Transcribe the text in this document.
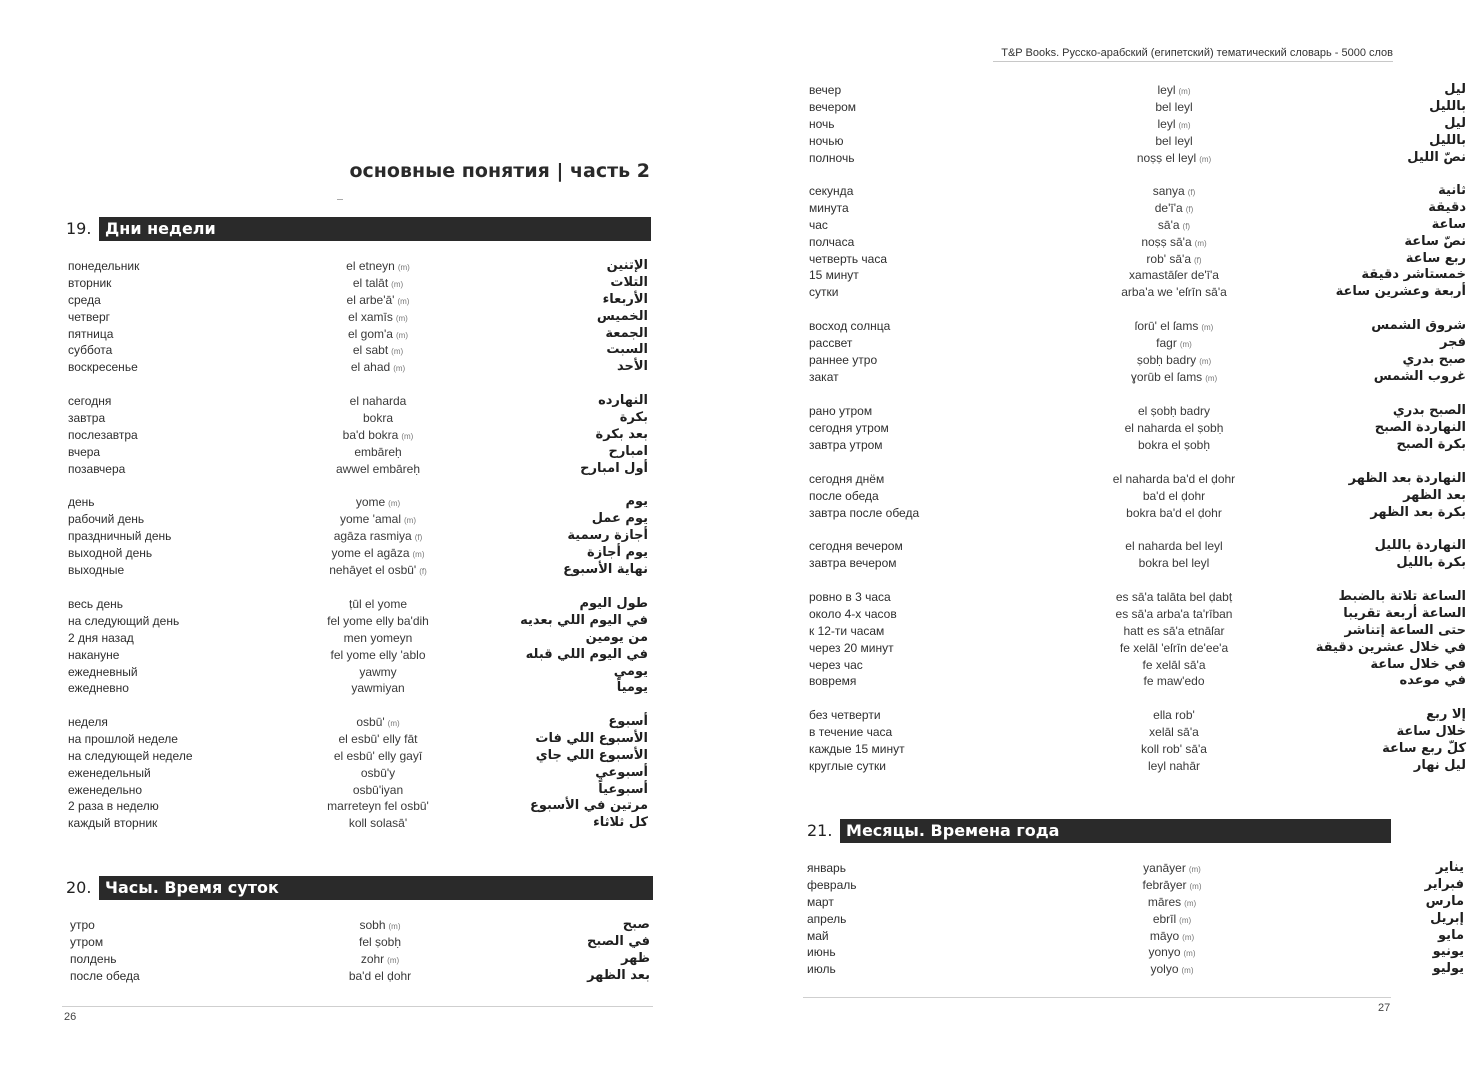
основные понятия | часть 2
19. Дни недели
понедельник	el etneyn (m)	الإتنين
вторник	el talāt (m)	التلات
среда	el arbe'ā' (m)	الأربعاء
четверг	el xamīs (m)	الخميس
пятница	el gom'a (m)	الجمعة
суббота	el sabt (m)	السبت
воскресенье	el ahad (m)	الأحد
сегодня	el naharda	النهارده
завтра	bokra	بكرة
послезавтра	ba'd bokra (m)	بعد بكرة
вчера	embāreḥ	امبارح
позавчера	awwel embāreḥ	أول امبارح
день	yome (m)	يوم
рабочий день	yome 'amal (m)	يوم عمل
праздничный день	agāza rasmiya (f)	أجازة رسمية
выходной день	yome el agāza (m)	يوم أجازة
выходные	nehāyet el osbū' (f)	نهاية الأسبوع
весь день	ṭūl el yome	طول اليوم
на следующий день	fel yome elly ba'dih	في اليوم اللي بعديه
2 дня назад	men yomeyn	من يومين
накануне	fel yome elly 'ablo	في اليوم اللي قبله
ежедневный	yawmy	يومي
ежедневно	yawmiyan	يومياً
неделя	osbū' (m)	أسبوع
на прошлой неделе	el esbū' elly fāt	الأسبوع اللي فات
на следующей неделе	el esbū' elly gayī	الأسبوع اللي جاي
еженедельный	osbū'y	أسبوعي
еженедельно	osbū'iyan	أسبوعياً
2 раза в неделю	marreteyn fel osbū'	مرتين في الأسبوع
каждый вторник	koll solasā'	كل ثلاثاء
20. Часы. Время суток
утро	sobh (m)	صبح
утром	fel ṣobḥ	في الصبح
полдень	zohr (m)	ظهر
после обеда	ba'd el ḍohr	بعد الظهر
26
T&P Books. Русско-арабский (египетский) тематический словарь - 5000 слов
вечер	leyl (m)	ليل
вечером	bel leyl	بالليل
ночь	leyl (m)	ليل
ночью	bel leyl	بالليل
полночь	noṣṣ el leyl (m)	نصّ الليل
секунда	sanya (f)	ثانية
минута	de'ī'a (f)	دقيقة
час	sā'a (f)	ساعة
полчаса	noṣṣ sā'a (m)	نصّ ساعة
четверть часа	rob' sā'a (f)	ربع ساعة
15 минут	xamastāſer de'ī'a	خمستاشر دقيقة
сутки	arba'a we 'eſrīn sā'a	أربعة وعشرين ساعة
восход солнца	ſorū' el ſams (m)	شروق الشمس
рассвет	fagr (m)	فجر
раннее утро	ṣobḥ badry (m)	صبح بدري
закат	ɣorūb el ſams (m)	غروب الشمس
рано утром	el ṣobḥ badry	الصبح بدري
сегодня утром	el naharda el ṣobḥ	النهاردة الصبح
завтра утром	bokra el ṣobḥ	بكرة الصبح
сегодня днём	el naharda ba'd el ḍohr	النهاردة بعد الظهر
после обеда	ba'd el ḍohr	بعد الظهر
завтра после обеда	bokra ba'd el ḍohr	بكرة بعد الظهر
сегодня вечером	el naharda bel leyl	النهاردة بالليل
завтра вечером	bokra bel leyl	بكرة بالليل
ровно в 3 часа	es sā'a talāta bel ḍabṭ	الساعة تلاتة بالضبط
около 4-х часов	es sā'a arba'a ta'rīban	الساعة أربعة تقريبا
к 12-ти часам	hatt es sā'a etnāſar	حتى الساعة إتناشر
через 20 минут	fe xelāl 'eſrīn de'ee'a	في خلال عشرين دقيقة
через час	fe xelāl sā'a	في خلال ساعة
вовремя	fe maw'edo	في موعده
без четверти	ella rob'	إلا ربع
в течение часа	xelāl sā'a	خلال ساعة
каждые 15 минут	koll rob' sā'a	كلّ ربع ساعة
круглые сутки	leyl nahār	ليل نهار
21. Месяцы. Времена года
январь	yanāyer (m)	يناير
февраль	febrāyer (m)	فبراير
март	māres (m)	مارس
апрель	ebrīl (m)	إبريل
май	māyo (m)	مايو
июнь	yonyo (m)	يونيو
июль	yolyo (m)	يوليو
27
